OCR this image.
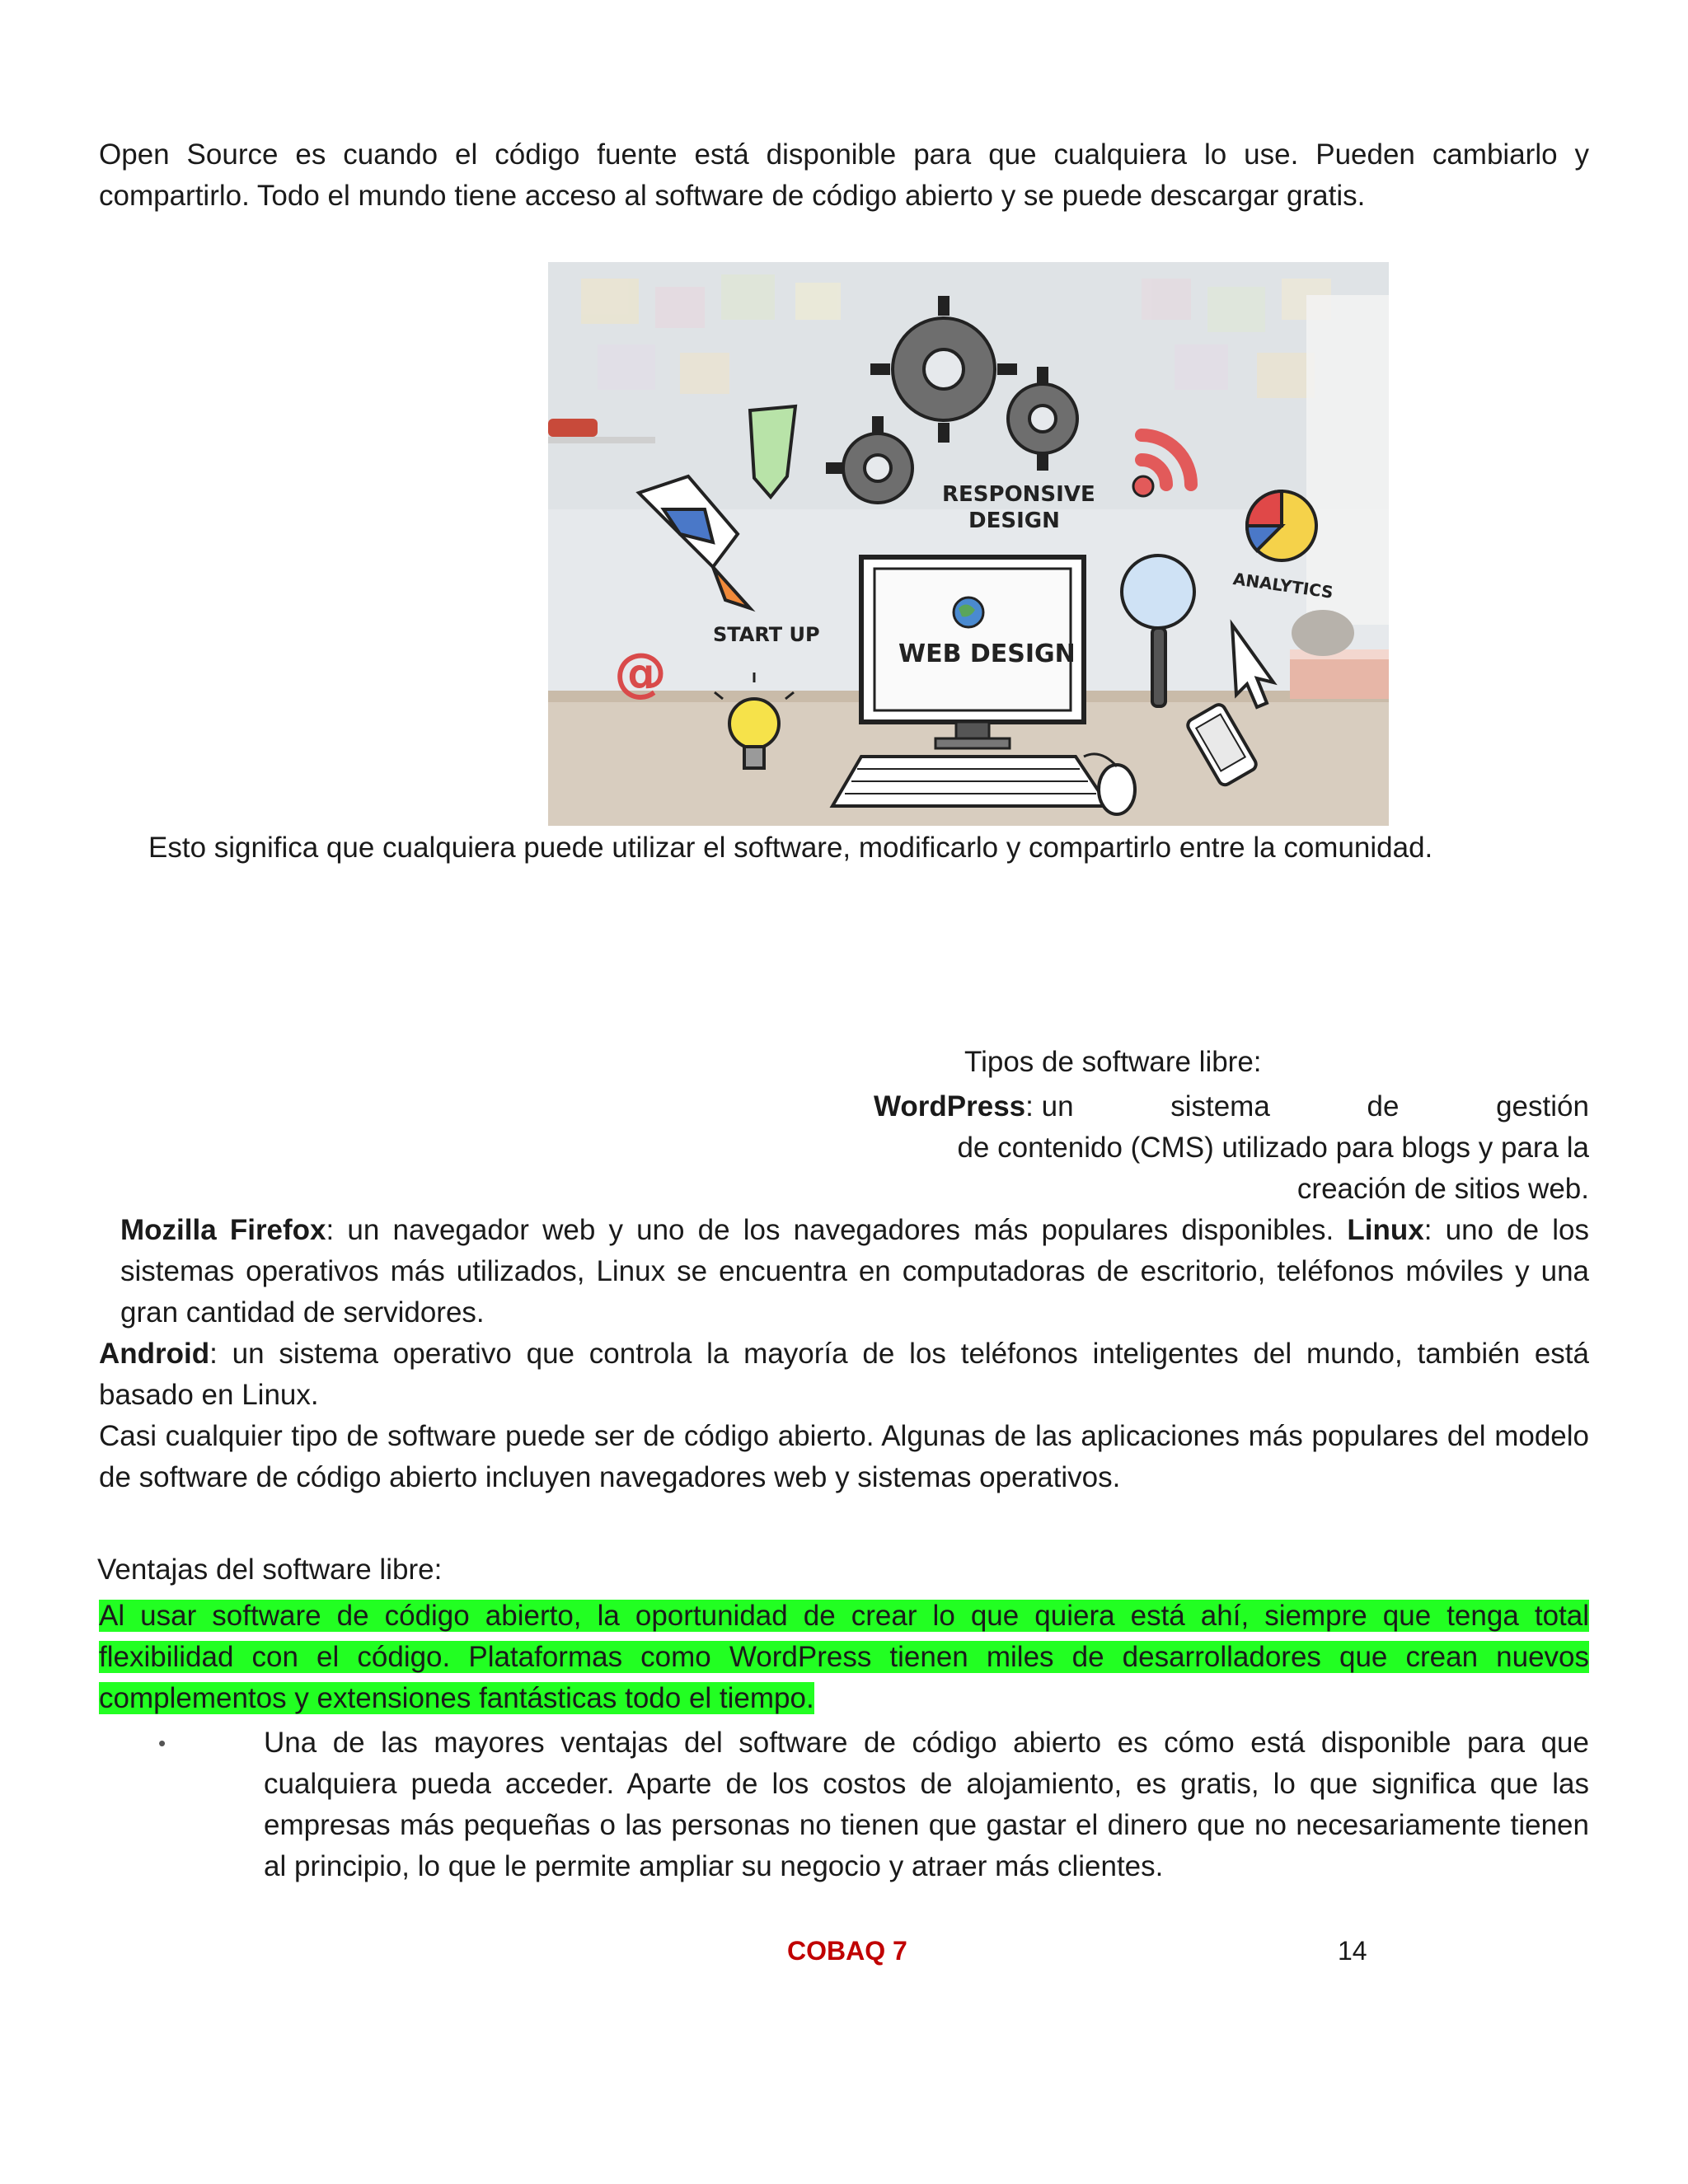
Open Source es cuando el código fuente está disponible para que cualquiera lo use. Pueden cambiarlo y compartirlo. Todo el mundo tiene acceso al software de código abierto y se puede descargar gratis.

RESPONSIVE
DESIGN
START UP
@
ANALYTICS
WEB DESIGN

Esto significa que cualquiera puede utilizar el software, modificarlo y compartirlo entre la comunidad.

Tipos de software libre:
WordPress: un	sistema	de	gestión
de contenido (CMS) utilizado para blogs y para la
creación de sitios web.
Mozilla Firefox: un navegador web y uno de los navegadores más populares disponibles. Linux: uno de los sistemas operativos más utilizados, Linux se encuentra en computadoras de escritorio, teléfonos móviles y una gran cantidad de servidores.
Android: un sistema operativo que controla la mayoría de los teléfonos inteligentes del mundo, también está basado en Linux.
Casi cualquier tipo de software puede ser de código abierto. Algunas de las aplicaciones más populares del modelo de software de código abierto incluyen navegadores web y sistemas operativos.
Ventajas del software libre:

Al usar software de código abierto, la oportunidad de crear lo que quiera está ahí, siempre que tenga total flexibilidad con el código. Plataformas como WordPress tienen miles de desarrolladores que crean nuevos complementos y extensiones fantásticas todo el tiempo.

•	Una de las mayores ventajas del software de código abierto es cómo está disponible para que cualquiera pueda acceder. Aparte de los costos de alojamiento, es gratis, lo que significa que las empresas más pequeñas o las personas no tienen que gastar el dinero que no necesariamente tienen al principio, lo que le permite ampliar su negocio y atraer más clientes.

COBAQ 7	14
